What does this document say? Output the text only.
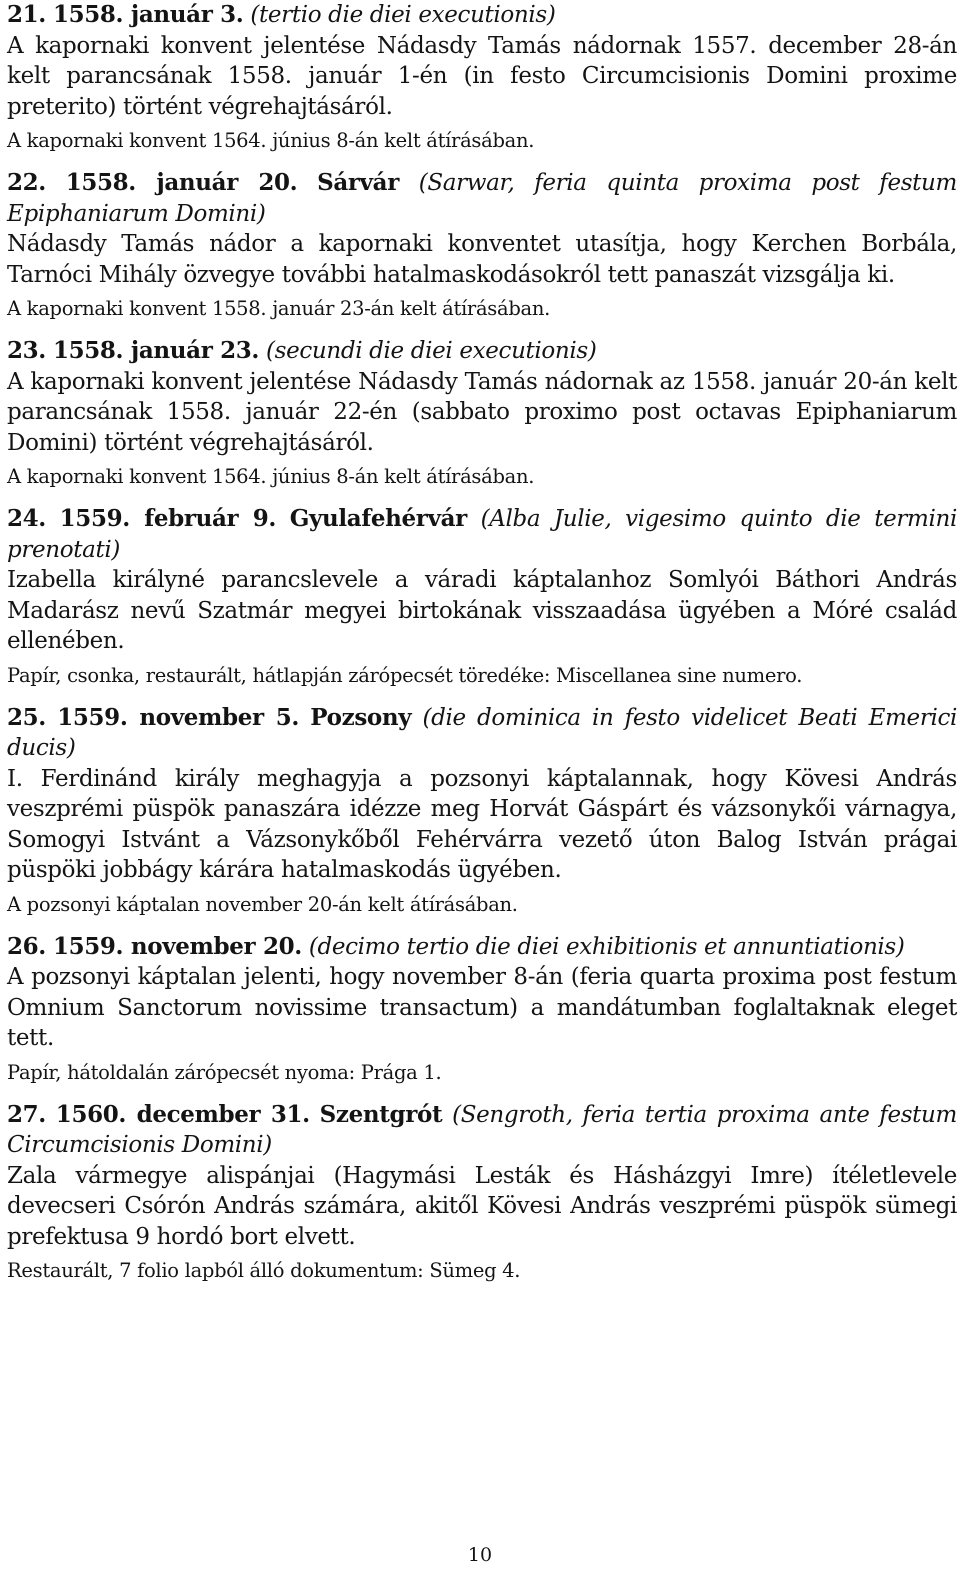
21. 1558. január 3. (tertio die diei executionis)

A kapornaki konvent jelentése Nádasdy Tamás nádornak 1557. december 28-án kelt parancsának 1558. január 1-én (in festo Circumcisionis Domini proxime preterito) történt végrehajtásáról.

A kapornaki konvent 1564. június 8-án kelt átírásában.

22. 1558. január 20. Sárvár (Sarwar, feria quinta proxima post festum Epiphaniarum Domini)

Nádasdy Tamás nádor a kapornaki konventet utasítja, hogy Kerchen Borbála, Tarnóci Mihály özvegye további hatalmaskodásokról tett panaszát vizsgálja ki.

A kapornaki konvent 1558. január 23-án kelt átírásában.

23. 1558. január 23. (secundi die diei executionis)

A kapornaki konvent jelentése Nádasdy Tamás nádornak az 1558. január 20-án kelt parancsának 1558. január 22-én (sabbato proximo post octavas Epiphaniarum Domini) történt végrehajtásáról.

A kapornaki konvent 1564. június 8-án kelt átírásában.

24. 1559. február 9. Gyulafehérvár (Alba Julie, vigesimo quinto die termini prenotati)

Izabella királyné parancslevele a váradi káptalanhoz Somlyói Báthori András Madarász nevű Szatmár megyei birtokának visszaadása ügyében a Móré család ellenében.

Papír, csonka, restaurált, hátlapján zárópecsét töredéke: Miscellanea sine numero.

25. 1559. november 5. Pozsony (die dominica in festo videlicet Beati Emerici ducis)

I. Ferdinánd király meghagyja a pozsonyi káptalannak, hogy Kövesi András veszprémi püspök panaszára idézze meg Horvát Gáspárt és vázsonykői várnagya, Somogyi Istvánt a Vázsonykőből Fehérvárra vezető úton Balog István prágai püspöki jobbágy kárára hatalmaskodás ügyében.

A pozsonyi káptalan november 20-án kelt átírásában.

26. 1559. november 20. (decimo tertio die diei exhibitionis et annuntiationis)

A pozsonyi káptalan jelenti, hogy november 8-án (feria quarta proxima post festum Omnium Sanctorum novissime transactum) a mandátumban foglaltaknak eleget tett.

Papír, hátoldalán zárópecsét nyoma: Prága 1.

27. 1560. december 31. Szentgrót (Sengroth, feria tertia proxima ante festum Circumcisionis Domini)

Zala vármegye alispánjai (Hagymási Lesták és Hásházgyi Imre) ítéletlevele devecseri Csórón András számára, akitől Kövesi András veszprémi püspök sümegi prefektusa 9 hordó bort elvett.

Restaurált, 7 folio lapból álló dokumentum: Sümeg 4.

10
